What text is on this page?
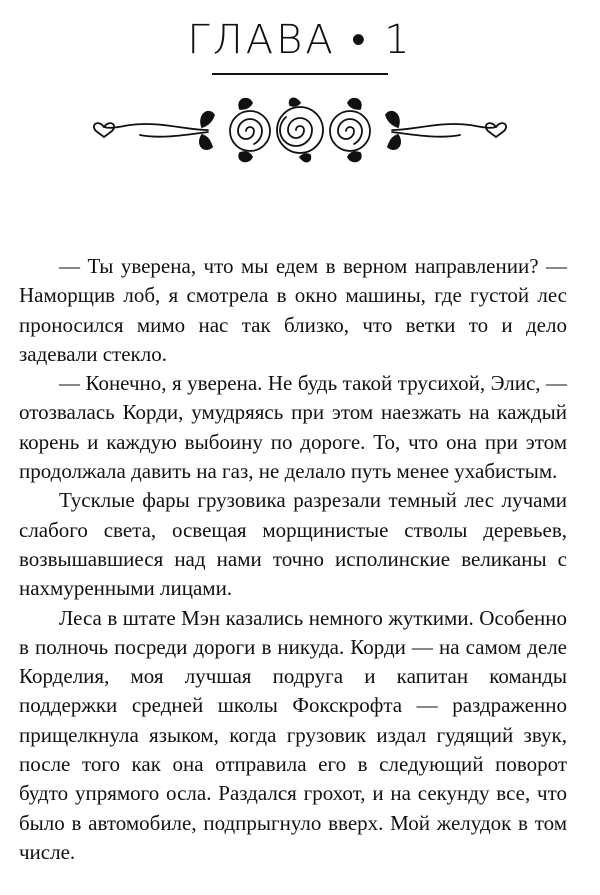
ГЛАВА • 1

— Ты уверена, что мы едем в верном направлении? — Наморщив лоб, я смотрела в окно машины, где густой лес проносился мимо нас так близко, что ветки то и дело задевали стекло.

— Конечно, я уверена. Не будь такой трусихой, Элис, — отозвалась Корди, умудряясь при этом наезжать на каждый корень и каждую выбоину по дороге. То, что она при этом продолжала давить на газ, не делало путь менее ухабистым.

Тусклые фары грузовика разрезали темный лес лучами слабого света, освещая морщинистые стволы деревьев, возвышавшиеся над нами точно исполинские великаны с нахмуренными лицами.

Леса в штате Мэн казались немного жуткими. Особенно в полночь посреди дороги в никуда. Корди — на самом деле Корделия, моя лучшая подруга и капитан команды поддержки средней школы Фокскрофта — раздраженно прищелкнула языком, когда грузовик издал гудящий звук, после того как она отправила его в следующий поворот будто упрямого осла. Раздался грохот, и на секунду все, что было в автомобиле, подпрыгнуло вверх. Мой желудок в том числе.
